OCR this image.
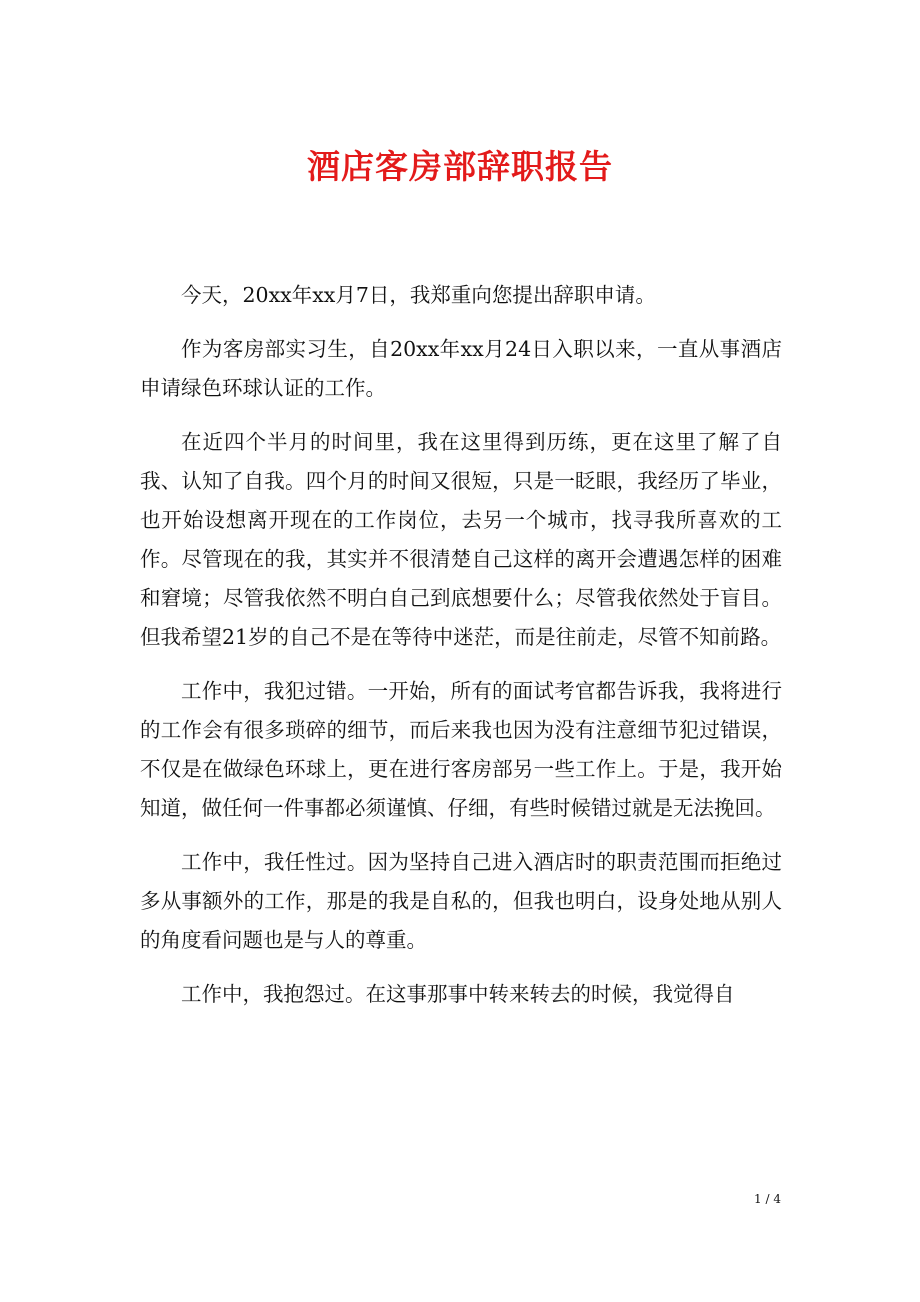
酒店客房部辞职报告

今天，20xx年xx月7日，我郑重向您提出辞职申请。

作为客房部实习生，自20xx年xx月24日入职以来，一直从事酒店申请绿色环球认证的工作。

在近四个半月的时间里，我在这里得到历练，更在这里了解了自我、认知了自我。四个月的时间又很短，只是一眨眼，我经历了毕业，也开始设想离开现在的工作岗位，去另一个城市，找寻我所喜欢的工作。尽管现在的我，其实并不很清楚自己这样的离开会遭遇怎样的困难和窘境；尽管我依然不明白自己到底想要什么；尽管我依然处于盲目。但我希望21岁的自己不是在等待中迷茫，而是往前走，尽管不知前路。

工作中，我犯过错。一开始，所有的面试考官都告诉我，我将进行的工作会有很多琐碎的细节，而后来我也因为没有注意细节犯过错误，不仅是在做绿色环球上，更在进行客房部另一些工作上。于是，我开始知道，做任何一件事都必须谨慎、仔细，有些时候错过就是无法挽回。

工作中，我任性过。因为坚持自己进入酒店时的职责范围而拒绝过多从事额外的工作，那是的我是自私的，但我也明白，设身处地从别人的角度看问题也是与人的尊重。

工作中，我抱怨过。在这事那事中转来转去的时候，我觉得自

1 / 4
